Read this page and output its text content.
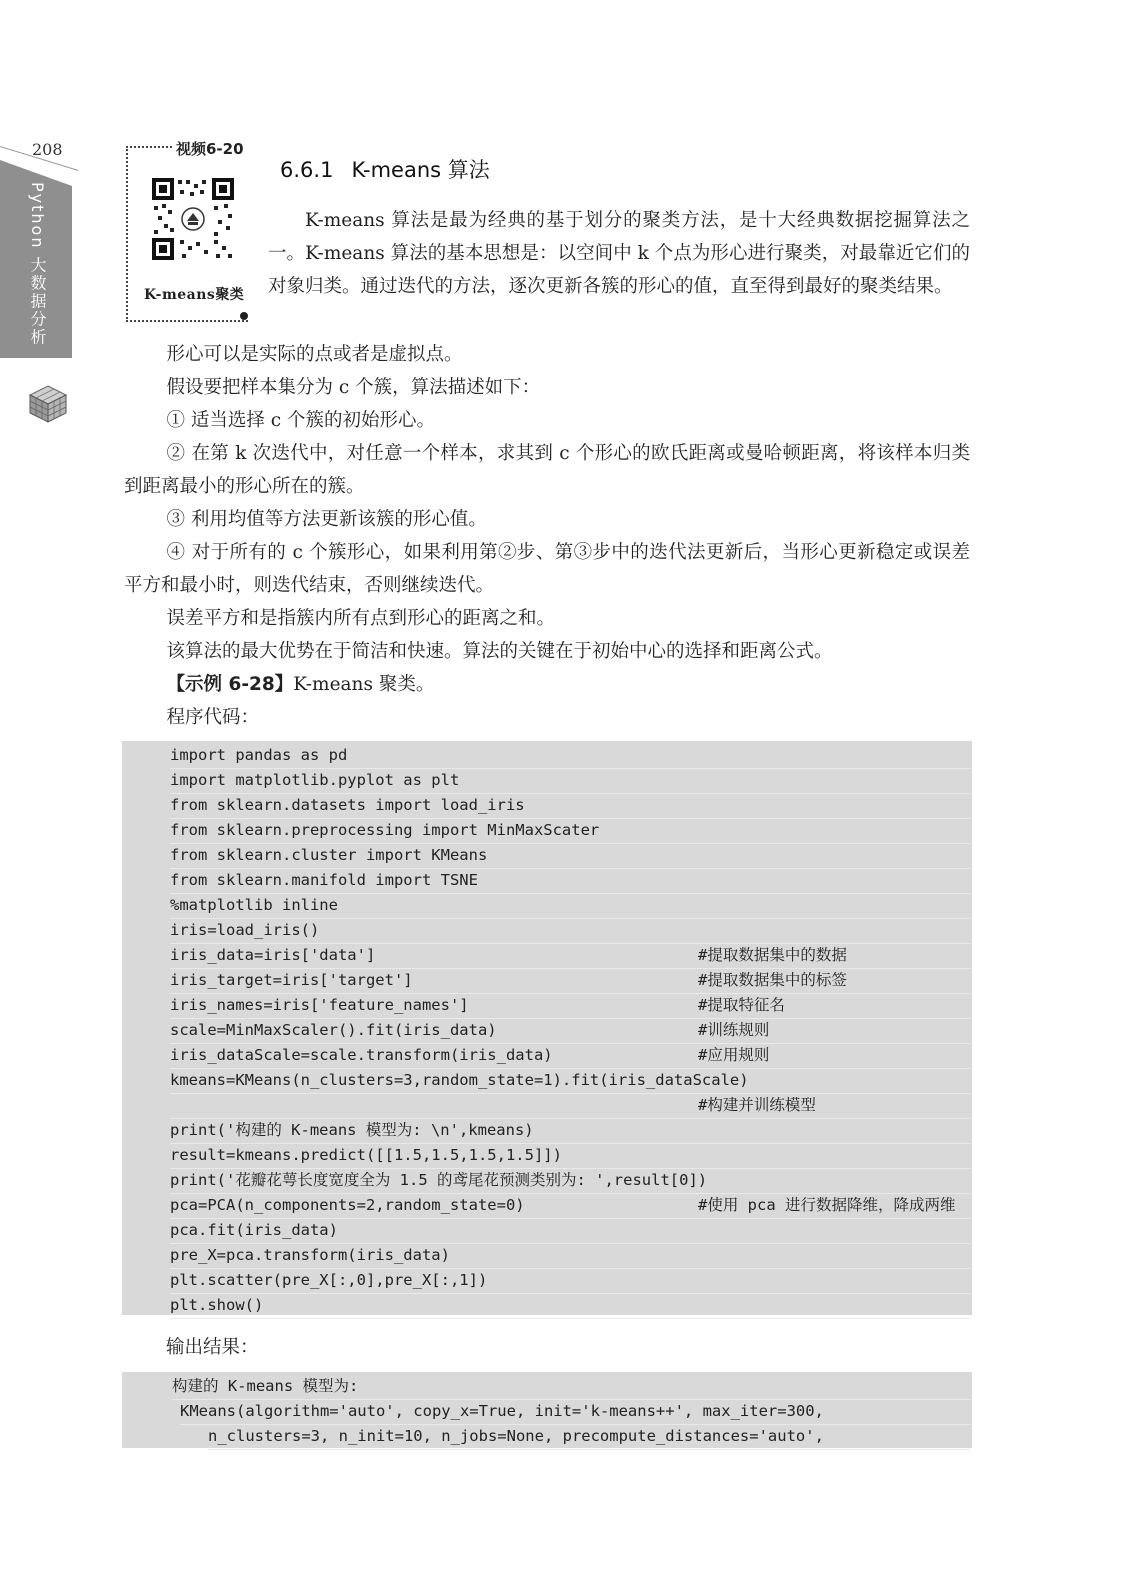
208
Python 大数据分析
视频6-20
K-means聚类
6.6.1 K-means 算法
K-means 算法是最为经典的基于划分的聚类方法，是十大经典数据挖掘算法之一。K-means 算法的基本思想是：以空间中 k 个点为形心进行聚类，对最靠近它们的对象归类。通过迭代的方法，逐次更新各簇的形心的值，直至得到最好的聚类结果。
形心可以是实际的点或者是虚拟点。
假设要把样本集分为 c 个簇，算法描述如下：
① 适当选择 c 个簇的初始形心。
② 在第 k 次迭代中，对任意一个样本，求其到 c 个形心的欧氏距离或曼哈顿距离，将该样本归类到距离最小的形心所在的簇。
③ 利用均值等方法更新该簇的形心值。
④ 对于所有的 c 个簇形心，如果利用第②步、第③步中的迭代法更新后，当形心更新稳定或误差平方和最小时，则迭代结束，否则继续迭代。
误差平方和是指簇内所有点到形心的距离之和。
该算法的最大优势在于简洁和快速。算法的关键在于初始中心的选择和距离公式。
【示例 6-28】K-means 聚类。
程序代码：
import pandas as pd
import matplotlib.pyplot as plt
from sklearn.datasets import load_iris
from sklearn.preprocessing import MinMaxScater
from sklearn.cluster import KMeans
from sklearn.manifold import TSNE
%matplotlib inline
iris=load_iris()
iris_data=iris['data']	#提取数据集中的数据
iris_target=iris['target']	#提取数据集中的标签
iris_names=iris['feature_names']	#提取特征名
scale=MinMaxScaler().fit(iris_data)	#训练规则
iris_dataScale=scale.transform(iris_data)	#应用规则
kmeans=KMeans(n_clusters=3,random_state=1).fit(iris_dataScale)
#构建并训练模型
print('构建的 K-means 模型为: \n',kmeans)
result=kmeans.predict([[1.5,1.5,1.5,1.5]])
print('花瓣花萼长度宽度全为 1.5 的鸢尾花预测类别为: ',result[0])
pca=PCA(n_components=2,random_state=0)	#使用 pca 进行数据降维，降成两维
pca.fit(iris_data)
pre_X=pca.transform(iris_data)
plt.scatter(pre_X[:,0],pre_X[:,1])
plt.show()
输出结果：
构建的 K-means 模型为:
KMeans(algorithm='auto', copy_x=True, init='k-means++', max_iter=300,
n_clusters=3, n_init=10, n_jobs=None, precompute_distances='auto',
